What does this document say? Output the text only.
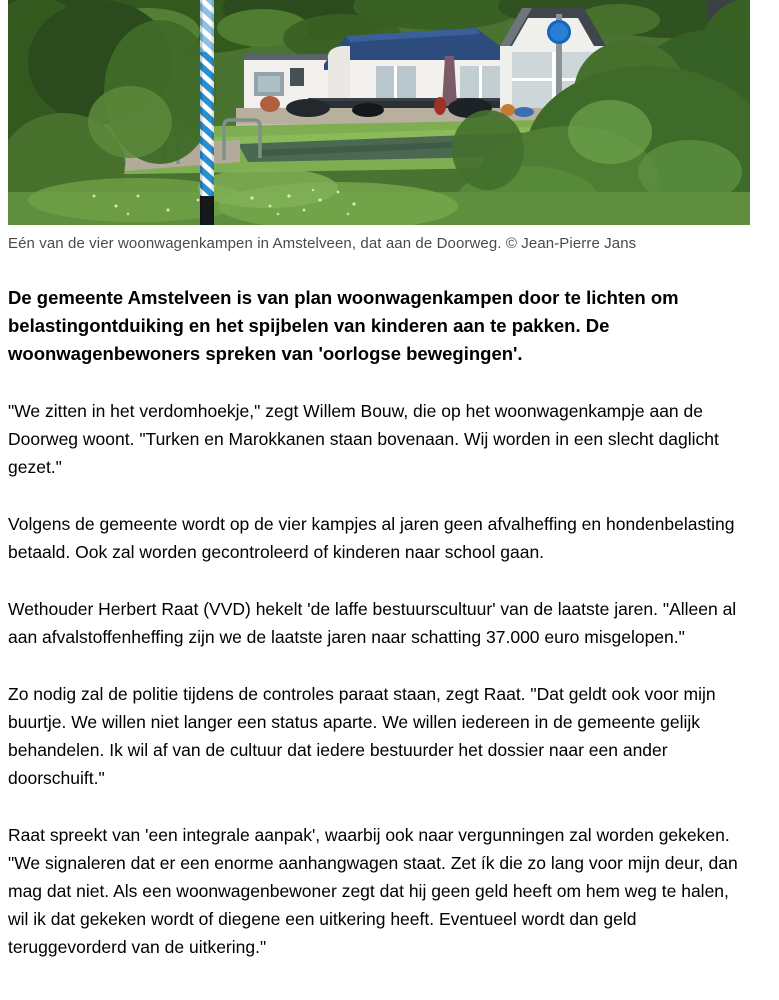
Eén van de vier woonwagenkampen in Amstelveen, dat aan de Doorweg. © Jean-Pierre Jans

De gemeente Amstelveen is van plan woonwagenkampen door te lichten om belastingontduiking en het spijbelen van kinderen aan te pakken. De woonwagenbewoners spreken van 'oorlogse bewegingen'.

"We zitten in het verdomhoekje," zegt Willem Bouw, die op het woonwagenkampje aan de Doorweg woont. "Turken en Marokkanen staan bovenaan. Wij worden in een slecht daglicht gezet."

Volgens de gemeente wordt op de vier kampjes al jaren geen afvalheffing en hondenbelasting betaald. Ook zal worden gecontroleerd of kinderen naar school gaan.

Wethouder Herbert Raat (VVD) hekelt 'de laffe bestuurscultuur' van de laatste jaren. "Alleen al aan afvalstoffenheffing zijn we de laatste jaren naar schatting 37.000 euro misgelopen."

Zo nodig zal de politie tijdens de controles paraat staan, zegt Raat. "Dat geldt ook voor mijn buurtje. We willen niet langer een status aparte. We willen iedereen in de gemeente gelijk behandelen. Ik wil af van de cultuur dat iedere bestuurder het dossier naar een ander doorschuift."

Raat spreekt van 'een integrale aanpak', waarbij ook naar vergunningen zal worden gekeken. "We signaleren dat er een enorme aanhangwagen staat. Zet ík die zo lang voor mijn deur, dan mag dat niet. Als een woonwagenbewoner zegt dat hij geen geld heeft om hem weg te halen, wil ik dat gekeken wordt of diegene een uitkering heeft. Eventueel wordt dan geld teruggevorderd van de uitkering."
